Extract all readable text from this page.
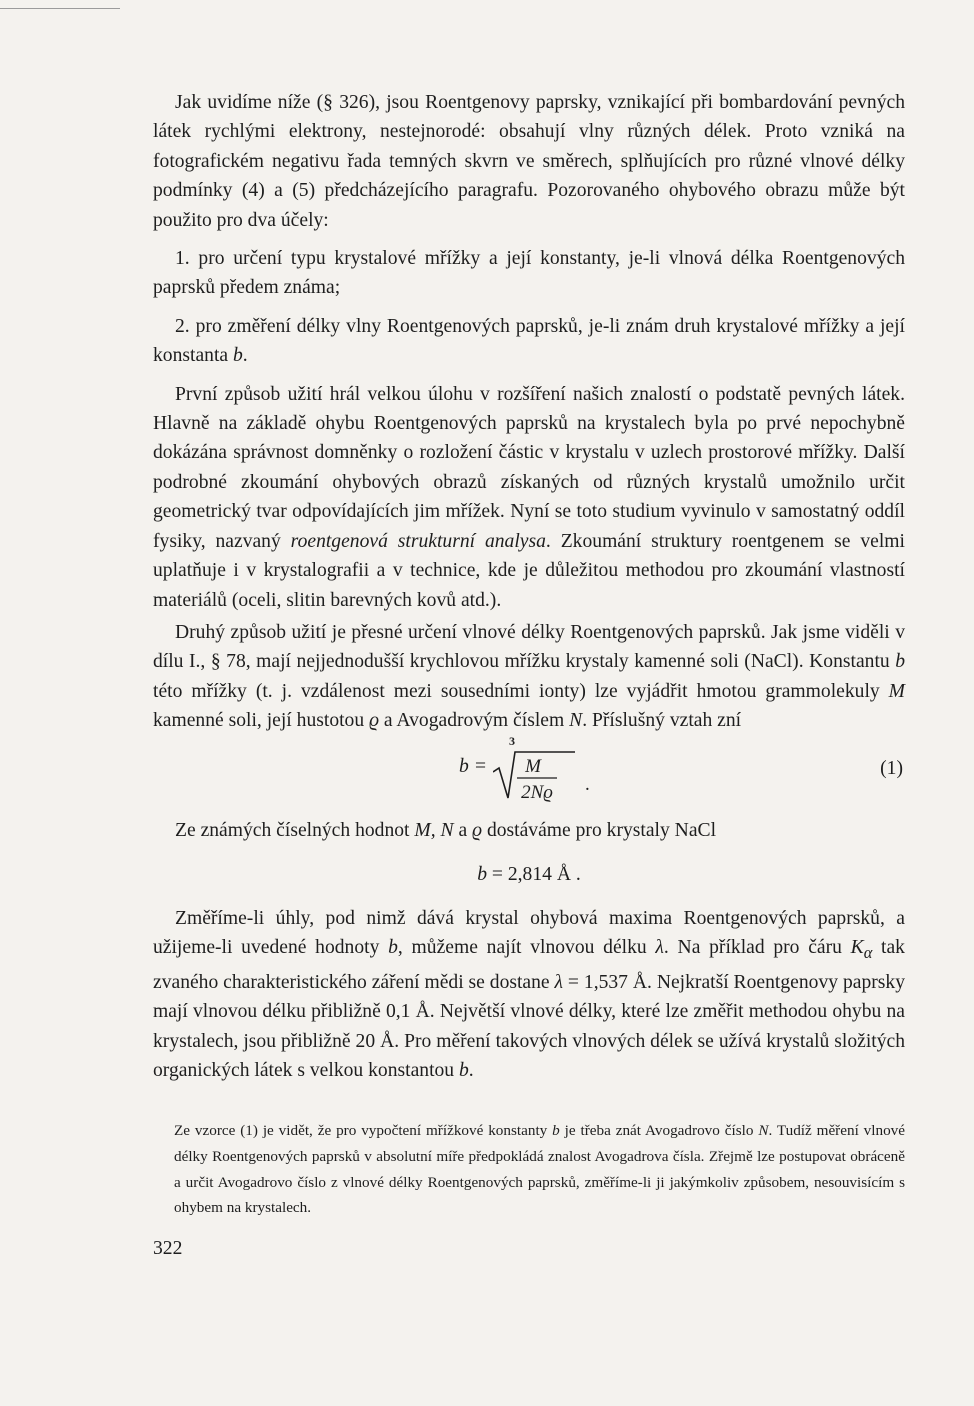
Jak uvidíme níže (§ 326), jsou Roentgenovy paprsky, vznikající při bombardování pevných látek rychlými elektrony, nestejnorodé: obsahují vlny různých délek. Proto vzniká na fotografickém negativu řada temných skvrn ve směrech, splňujících pro různé vlnové délky podmínky (4) a (5) předcházejícího paragrafu. Pozorovaného ohybového obrazu může být použito pro dva účely:

1. pro určení typu krystalové mřížky a její konstanty, je-li vlnová délka Roentgenových paprsků předem známa;

2. pro změření délky vlny Roentgenových paprsků, je-li znám druh krystalové mřížky a její konstanta b.

První způsob užití hrál velkou úlohu v rozšíření našich znalostí o podstatě pevných látek. Hlavně na základě ohybu Roentgenových paprsků na krystalech byla po prvé nepochybně dokázána správnost domněnky o rozložení částic v krystalu v uzlech prostorové mřížky. Další podrobné zkoumání ohybových obrazů získaných od různých krystalů umožnilo určit geometrický tvar odpovídajících jim mřížek. Nyní se toto studium vyvinulo v samostatný oddíl fysiky, nazvaný roentgenová strukturní analysa. Zkoumání struktury roentgenem se velmi uplatňuje i v krystalografii a v technice, kde je důležitou methodou pro zkoumání vlastností materiálů (oceli, slitin barevných kovů atd.).

Druhý způsob užití je přesné určení vlnové délky Roentgenových paprsků. Jak jsme viděli v dílu I., § 78, mají nejjednodušší krychlovou mřížku krystaly kamenné soli (NaCl). Konstantu b této mřížky (t. j. vzdálenost mezi sousedními ionty) lze vyjádřit hmotou grammolekuly M kamenné soli, její hustotou ϱ a Avogadrovým číslem N. Příslušný vztah zní

b =
3
M
2Nϱ .
(1)

Ze známých číselných hodnot M, N a ϱ dostáváme pro krystaly NaCl

b = 2,814 Å .

Změříme-li úhly, pod nimž dává krystal ohybová maxima Roentgenových paprsků, a užijeme-li uvedené hodnoty b, můžeme najít vlnovou délku λ. Na příklad pro čáru $K_\alpha$ tak zvaného charakteristického záření mědi se dostane λ = 1,537 Å. Nejkratší Roentgenovy paprsky mají vlnovou délku přibližně 0,1 Å. Největší vlnové délky, které lze změřit methodou ohybu na krystalech, jsou přibližně 20 Å. Pro měření takových vlnových délek se užívá krystalů složitých organických látek s velkou konstantou b.

Ze vzorce (1) je vidět, že pro vypočtení mřížkové konstanty b je třeba znát Avogadrovo číslo N. Tudíž měření vlnové délky Roentgenových paprsků v absolutní míře předpokládá znalost Avogadrova čísla. Zřejmě lze postupovat obráceně a určit Avogadrovo číslo z vlnové délky Roentgenových paprsků, změříme-li ji jakýmkoliv způsobem, nesouvisícím s ohybem na krystalech.

322
